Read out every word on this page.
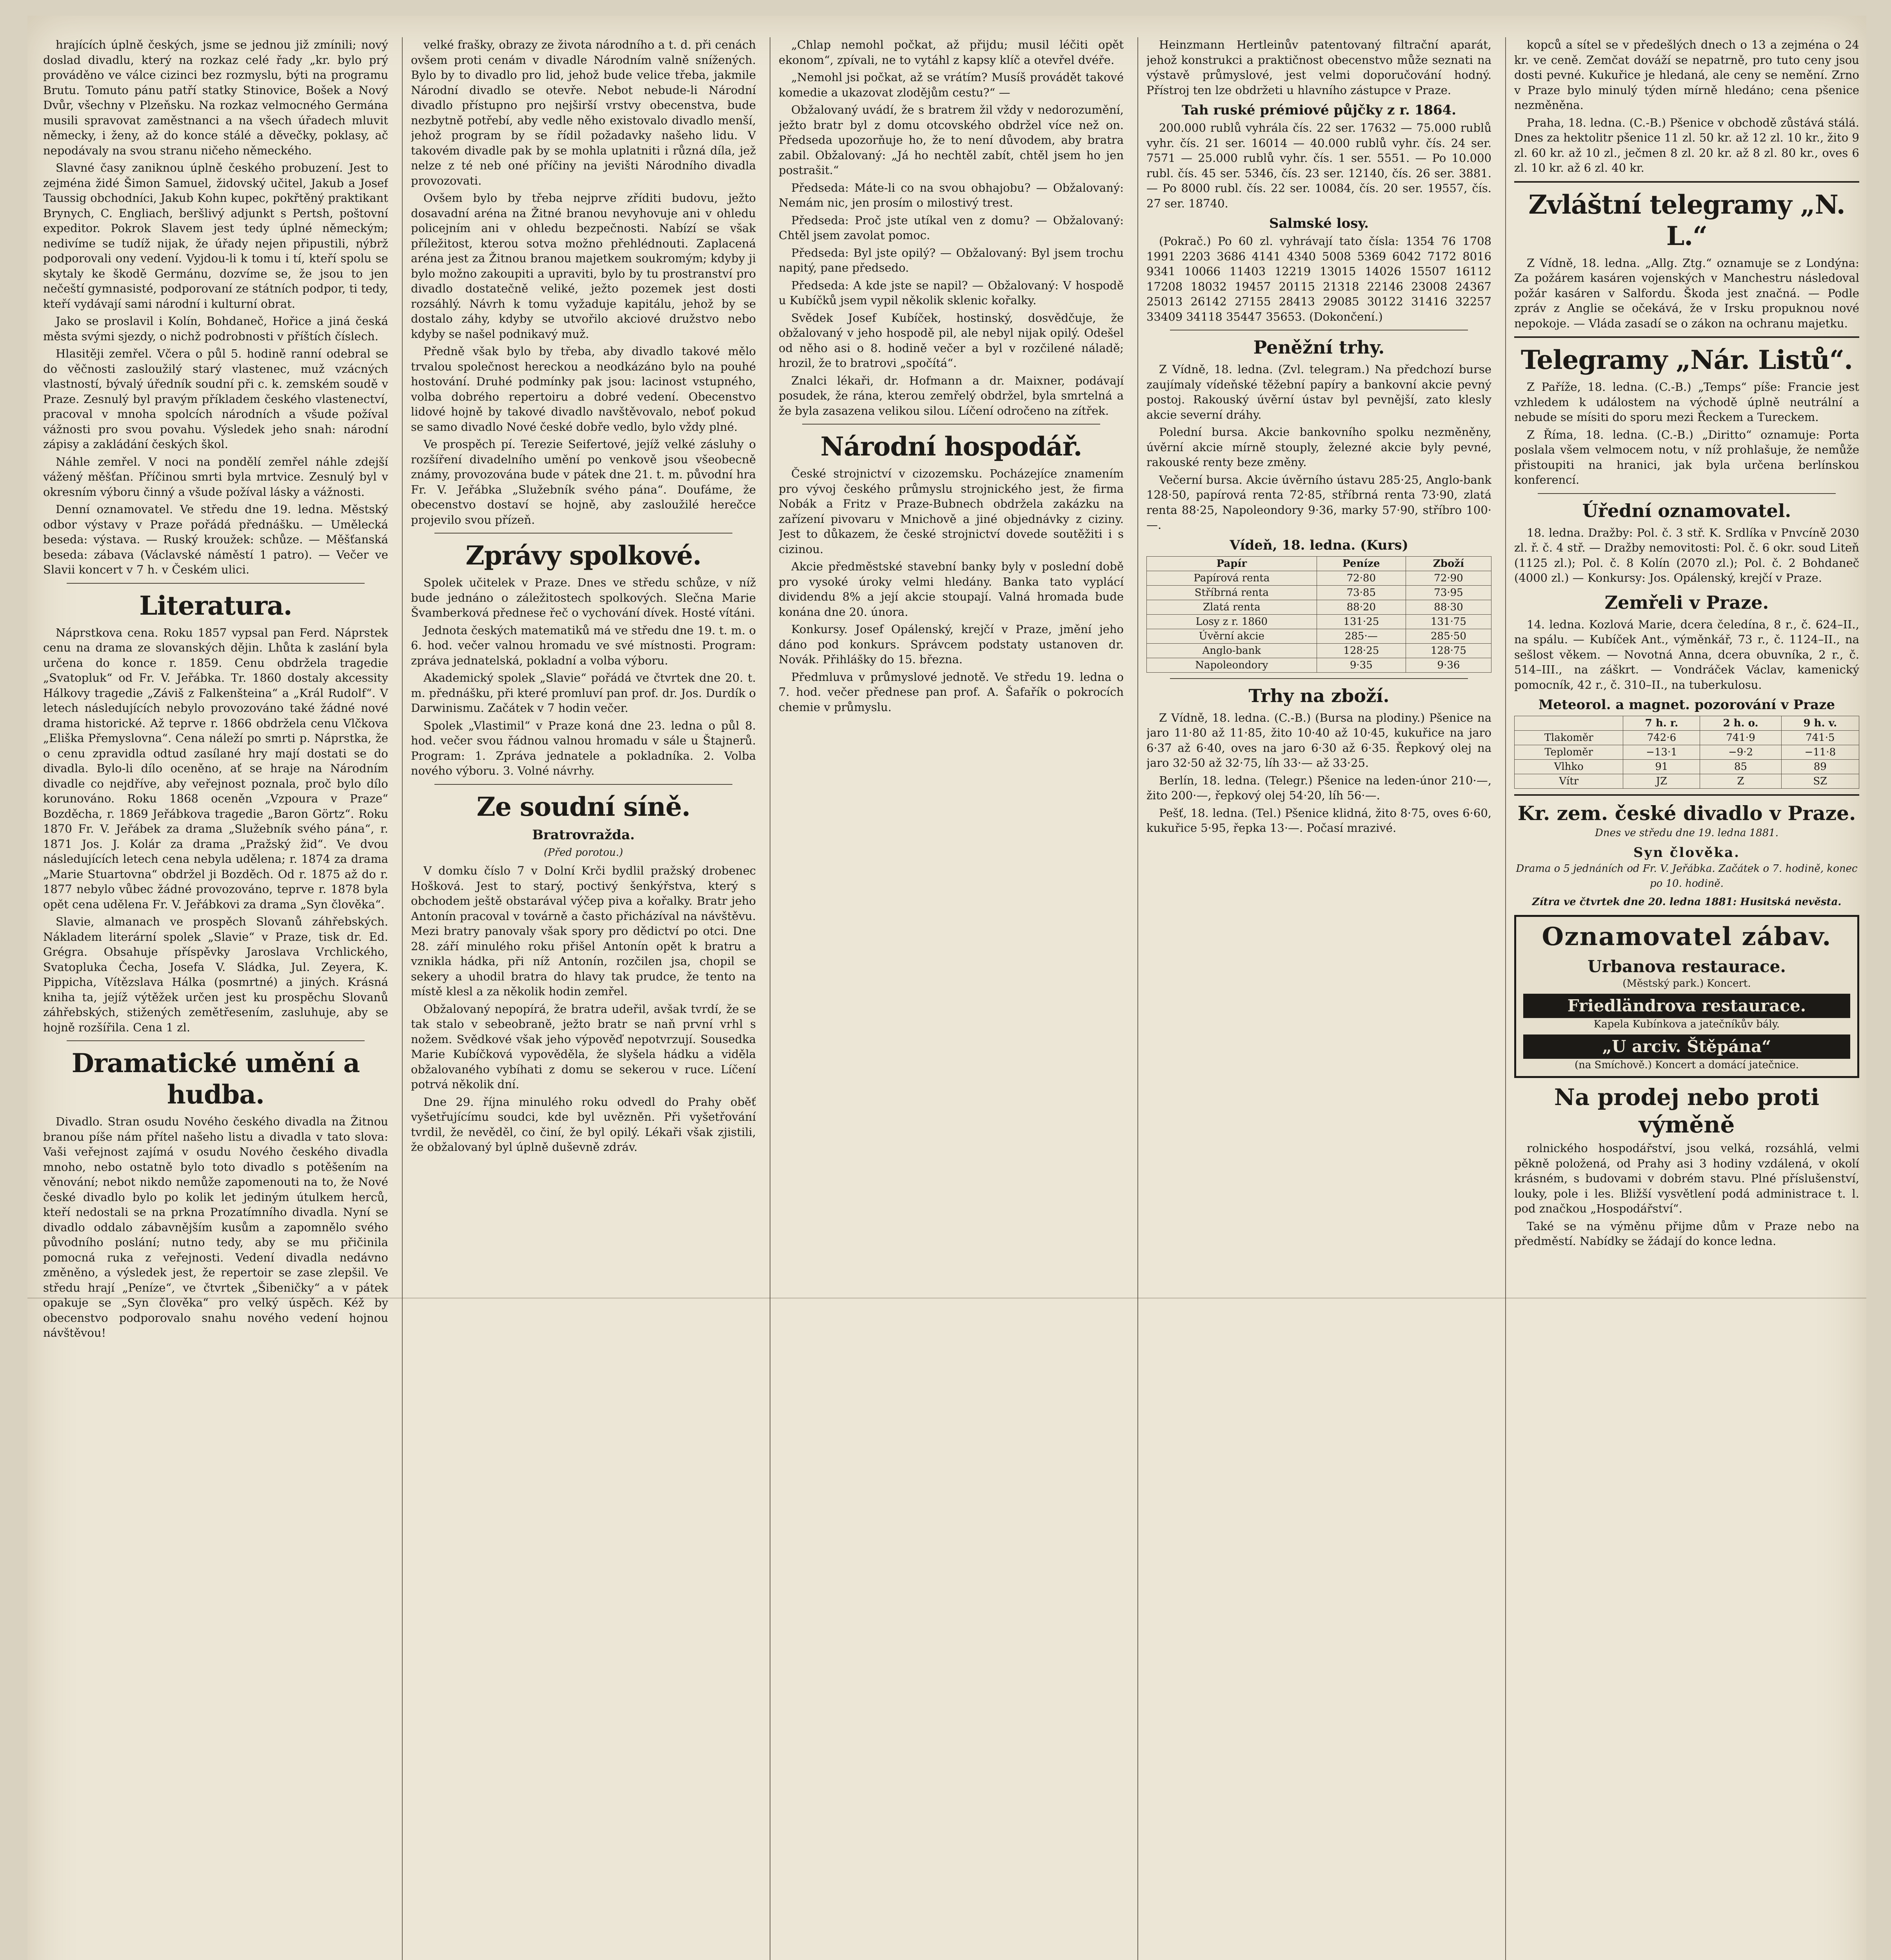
hrajících úplně českých, jsme se jednou již zmínili; nový doslad divadlu, který na rozkaz celé řady „kr. bylo prý prováděno ve válce cizinci bez rozmyslu, býti na programu Brutu. Tomuto pánu patří statky Stinovice, Bošek a Nový Dvůr, všechny v Plzeňsku. Na rozkaz velmocného Germána musili spravovat zaměstnanci a na všech úřadech mluvit německy, i ženy, až do konce stálé a děvečky, poklasy, ač nepodávaly na svou stranu ničeho německého.

Slavné časy zaniknou úplně českého probuzení. Jest to zejména židé Šimon Samuel, židovský učitel, Jakub a Josef Taussig obchodníci, Jakub Kohn kupec, pokřtěný praktikant Brynych, C. Engliach, beršlivý adjunkt s Pertsh, poštovní expeditor. Pokrok Slavem jest tedy úplné německým; nedivíme se tudíž nijak, že úřady nejen připustili, nýbrž podporovali ony vedení. Vyjdou-li k tomu i tí, kteří spolu se skytaly ke škodě Germánu, dozvíme se, že jsou to jen nečeští gymnasisté, podporovaní ze státních podpor, ti tedy, kteří vydávají sami národní i kulturní obrat.

Jako se proslavil i Kolín, Bohdaneč, Hořice a jiná česká města svými sjezdy, o nichž podrobnosti v příštích číslech.

Hlasitěji zemřel. Včera o půl 5. hodině ranní odebral se do věčnosti zasloužilý starý vlastenec, muž vzácných vlastností, bývalý úředník soudní při c. k. zemském soudě v Praze. Zesnulý byl pravým příkladem českého vlastenectví, pracoval v mnoha spolcích národních a všude požíval vážnosti pro svou povahu. Výsledek jeho snah: národní zápisy a zakládání českých škol.

Náhle zemřel. V noci na pondělí zemřel náhle zdejší vážený měšťan. Příčinou smrti byla mrtvice. Zesnulý byl v okresním výboru činný a všude požíval lásky a vážnosti.

Denní oznamovatel. Ve středu dne 19. ledna. Městský odbor výstavy v Praze pořádá přednášku. — Umělecká beseda: výstava. — Ruský kroužek: schůze. — Měšťanská beseda: zábava (Václavské náměstí 1 patro). — Večer ve Slavii koncert v 7 h. v Českém ulici.

Literatura.

Náprstkova cena. Roku 1857 vypsal pan Ferd. Náprstek cenu na drama ze slovanských dějin. Lhůta k zaslání byla určena do konce r. 1859. Cenu obdržela tragedie „Svatopluk“ od Fr. V. Jeřábka. Tr. 1860 dostaly akcessity Hálkovy tragedie „Záviš z Falkenšteina“ a „Král Rudolf“. V letech následujících nebylo provozováno také žádné nové drama historické. Až teprve r. 1866 obdržela cenu Vlčkova „Eliška Přemyslovna“. Cena náleží po smrti p. Náprstka, že o cenu zpravidla odtud zasílané hry mají dostati se do divadla. Bylo-li dílo oceněno, ať se hraje na Národním divadle co nejdříve, aby veřejnost poznala, proč bylo dílo korunováno. Roku 1868 oceněn „Vzpoura v Praze“ Bozděcha, r. 1869 Jeřábkova tragedie „Baron Görtz“. Roku 1870 Fr. V. Jeřábek za drama „Služebník svého pána“, r. 1871 Jos. J. Kolár za drama „Pražský žid“. Ve dvou následujících letech cena nebyla udělena; r. 1874 za drama „Marie Stuartovna“ obdržel ji Bozděch. Od r. 1875 až do r. 1877 nebylo vůbec žádné provozováno, teprve r. 1878 byla opět cena udělena Fr. V. Jeřábkovi za drama „Syn člověka“.

Slavie, almanach ve prospěch Slovanů záhřebských. Nákladem literární spolek „Slavie“ v Praze, tisk dr. Ed. Grégra. Obsahuje příspěvky Jaroslava Vrchlického, Svatopluka Čecha, Josefa V. Sládka, Jul. Zeyera, K. Pippicha, Vítězslava Hálka (posmrtné) a jiných. Krásná kniha ta, jejíž výtěžek určen jest ku prospěchu Slovanů záhřebských, stižených zemětřesením, zasluhuje, aby se hojně rozšířila. Cena 1 zl.

Dramatické umění a hudba.

Divadlo. Stran osudu Nového českého divadla na Žitnou branou píše nám přítel našeho listu a divadla v tato slova: Vaši veřejnost zajímá v osudu Nového českého divadla mnoho, nebo ostatně bylo toto divadlo s potěšením na věnování; nebot nikdo nemůže zapomenouti na to, že Nové české divadlo bylo po kolik let jediným útulkem herců, kteří nedostali se na prkna Prozatímního divadla. Nyní se divadlo oddalo zábavnějším kusům a zapomnělo svého původního poslání; nutno tedy, aby se mu přičinila pomocná ruka z veřejnosti. Vedení divadla nedávno změněno, a výsledek jest, že repertoir se zase zlepšil. Ve středu hrají „Peníze“, ve čtvrtek „Šibeničky“ a v pátek opakuje se „Syn člověka“ pro velký úspěch. Kéž by obecenstvo podporovalo snahu nového vedení hojnou návštěvou!

velké frašky, obrazy ze života národního a t. d. při cenách ovšem proti cenám v divadle Národním valně snížených. Bylo by to divadlo pro lid, jehož bude velice třeba, jakmile Národní divadlo se otevře. Nebot nebude-li Národní divadlo přístupno pro nejširší vrstvy obecenstva, bude nezbytně potřebí, aby vedle něho existovalo divadlo menší, jehož program by se řídil požadavky našeho lidu. V takovém divadle pak by se mohla uplatniti i různá díla, jež nelze z té neb oné příčiny na jevišti Národního divadla provozovati.

Ovšem bylo by třeba nejprve zříditi budovu, ježto dosavadní aréna na Žitné branou nevyhovuje ani v ohledu policejním ani v ohledu bezpečnosti. Nabízí se však příležitost, kterou sotva možno přehlédnouti. Zaplacená aréna jest za Žitnou branou majetkem soukromým; kdyby ji bylo možno zakoupiti a upraviti, bylo by tu prostranství pro divadlo dostatečně veliké, ježto pozemek jest dosti rozsáhlý. Návrh k tomu vyžaduje kapitálu, jehož by se dostalo záhy, kdyby se utvořilo akciové družstvo nebo kdyby se našel podnikavý muž.

Předně však bylo by třeba, aby divadlo takové mělo trvalou společnost hereckou a neodkázáno bylo na pouhé hostování. Druhé podmínky pak jsou: lacinost vstupného, volba dobrého repertoiru a dobré vedení. Obecenstvo lidové hojně by takové divadlo navštěvovalo, neboť pokud se samo divadlo Nové české dobře vedlo, bylo vždy plné.

Ve prospěch pí. Terezie Seifertové, jejíž velké zásluhy o rozšíření divadelního umění po venkově jsou všeobecně známy, provozována bude v pátek dne 21. t. m. původní hra Fr. V. Jeřábka „Služebník svého pána“. Doufáme, že obecenstvo dostaví se hojně, aby zasloužilé herečce projevilo svou přízeň.

Zprávy spolkové.

Spolek učitelek v Praze. Dnes ve středu schůze, v níž bude jednáno o záležitostech spolkových. Slečna Marie Švamberková přednese řeč o vychování dívek. Hosté vítáni.

Jednota českých matematiků má ve středu dne 19. t. m. o 6. hod. večer valnou hromadu ve své místnosti. Program: zpráva jednatelská, pokladní a volba výboru.

Akademický spolek „Slavie“ pořádá ve čtvrtek dne 20. t. m. přednášku, při které promluví pan prof. dr. Jos. Durdík o Darwinismu. Začátek v 7 hodin večer.

Spolek „Vlastimil“ v Praze koná dne 23. ledna o půl 8. hod. večer svou řádnou valnou hromadu v sále u Štajnerů. Program: 1. Zpráva jednatele a pokladníka. 2. Volba nového výboru. 3. Volné návrhy.

Ze soudní síně.
Bratrovražda.

(Před porotou.)

V domku číslo 7 v Dolní Krči bydlil pražský drobenec Hošková. Jest to starý, poctivý šenkýřstva, který s obchodem ještě obstarával výčep piva a kořalky. Bratr jeho Antonín pracoval v továrně a často přicházíval na návštěvu. Mezi bratry panovaly však spory pro dědictví po otci. Dne 28. září minulého roku přišel Antonín opět k bratru a vznikla hádka, při níž Antonín, rozčilen jsa, chopil se sekery a uhodil bratra do hlavy tak prudce, že tento na místě klesl a za několik hodin zemřel.

Obžalovaný nepopírá, že bratra udeřil, avšak tvrdí, že se tak stalo v sebeobraně, ježto bratr se naň první vrhl s nožem. Svědkové však jeho výpověď nepotvrzují. Sousedka Marie Kubíčková vypověděla, že slyšela hádku a viděla obžalovaného vybíhati z domu se sekerou v ruce. Líčení potrvá několik dní.

Dne 29. října minulého roku odvedl do Prahy oběť vyšetřujícímu soudci, kde byl uvězněn. Při vyšetřování tvrdil, že nevěděl, co činí, že byl opilý. Lékaři však zjistili, že obžalovaný byl úplně duševně zdráv.

„Chlap nemohl počkat, až přijdu; musil léčiti opět ekonom“, zpívali, ne to vytáhl z kapsy klíč a otevřel dvéře.

„Nemohl jsi počkat, až se vrátím? Musíš provádět takové komedie a ukazovat zlodějům cestu?“ —

Obžalovaný uvádí, že s bratrem žil vždy v nedorozumění, ježto bratr byl z domu otcovského obdržel více než on. Předseda upozorňuje ho, že to není důvodem, aby bratra zabil. Obžalovaný: „Já ho nechtěl zabít, chtěl jsem ho jen postrašit.“

Předseda: Máte-li co na svou obhajobu? — Obžalovaný: Nemám nic, jen prosím o milostivý trest.

Předseda: Proč jste utíkal ven z domu? — Obžalovaný: Chtěl jsem zavolat pomoc.

Předseda: Byl jste opilý? — Obžalovaný: Byl jsem trochu napitý, pane předsedo.

Předseda: A kde jste se napil? — Obžalovaný: V hospodě u Kubíčků jsem vypil několik sklenic kořalky.

Svědek Josef Kubíček, hostinský, dosvědčuje, že obžalovaný v jeho hospodě pil, ale nebyl nijak opilý. Odešel od něho asi o 8. hodině večer a byl v rozčilené náladě; hrozil, že to bratrovi „spočítá“.

Znalci lékaři, dr. Hofmann a dr. Maixner, podávají posudek, že rána, kterou zemřelý obdržel, byla smrtelná a že byla zasazena velikou silou. Líčení odročeno na zítřek.

Národní hospodář.

České strojnictví v cizozemsku. Pocházejíce znamením pro vývoj českého průmyslu strojnického jest, že firma Nobák a Fritz v Praze-Bubnech obdržela zakázku na zařízení pivovaru v Mnichově a jiné objednávky z ciziny. Jest to důkazem, že české strojnictví dovede soutěžiti i s cizinou.

Akcie předměstské stavební banky byly v poslední době pro vysoké úroky velmi hledány. Banka tato vyplácí dividendu 8% a její akcie stoupají. Valná hromada bude konána dne 20. února.

Konkursy. Josef Opálenský, krejčí v Praze, jmění jeho dáno pod konkurs. Správcem podstaty ustanoven dr. Novák. Přihlášky do 15. března.

Předmluva v průmyslové jednotě. Ve středu 19. ledna o 7. hod. večer přednese pan prof. A. Šafařík o pokrocích chemie v průmyslu.

Heinzmann Hertleinův patentovaný filtrační aparát, jehož konstrukci a praktičnost obecenstvo může seznati na výstavě průmyslové, jest velmi doporučování hodný. Přístroj ten lze obdržeti u hlavního zástupce v Praze.

Tah ruské prémiové půjčky z r. 1864.

200.000 rublů vyhrála čís. 22 ser. 17632 — 75.000 rublů vyhr. čís. 21 ser. 16014 — 40.000 rublů vyhr. čís. 24 ser. 7571 — 25.000 rublů vyhr. čís. 1 ser. 5551. — Po 10.000 rubl. čís. 45 ser. 5346, čís. 23 ser. 12140, čís. 26 ser. 3881. — Po 8000 rubl. čís. 22 ser. 10084, čís. 20 ser. 19557, čís. 27 ser. 18740.

Salmské losy.

(Pokrač.) Po 60 zl. vyhrávají tato čísla: 1354 76 1708 1991 2203 3686 4141 4340 5008 5369 6042 7172 8016 9341 10066 11403 12219 13015 14026 15507 16112 17208 18032 19457 20115 21318 22146 23008 24367 25013 26142 27155 28413 29085 30122 31416 32257 33409 34118 35447 35653. (Dokončení.)

Peněžní trhy.

Z Vídně, 18. ledna. (Zvl. telegram.) Na předchozí burse zaujímaly vídeňské těžební papíry a bankovní akcie pevný postoj. Rakouský úvěrní ústav byl pevnější, zato klesly akcie severní dráhy.

Polední bursa. Akcie bankovního spolku nezměněny, úvěrní akcie mírně stouply, železné akcie byly pevné, rakouské renty beze změny.

Večerní bursa. Akcie úvěrního ústavu 285·25, Anglo-bank 128·50, papírová renta 72·85, stříbrná renta 73·90, zlatá renta 88·25, Napoleondory 9·36, marky 57·90, stříbro 100·—.

Vídeň, 18. ledna. (Kurs)
Papír	Peníze	Zboží
Papírová renta	72·80	72·90
Stříbrná renta	73·85	73·95
Zlatá renta	88·20	88·30
Losy z r. 1860	131·25	131·75
Úvěrní akcie	285·—	285·50
Anglo-bank	128·25	128·75
Napoleondory	9·35	9·36
Trhy na zboží.

Z Vídně, 18. ledna. (C.-B.) (Bursa na plodiny.) Pšenice na jaro 11·80 až 11·85, žito 10·40 až 10·45, kukuřice na jaro 6·37 až 6·40, oves na jaro 6·30 až 6·35. Řepkový olej na jaro 32·50 až 32·75, líh 33·— až 33·25.

Berlín, 18. ledna. (Telegr.) Pšenice na leden-únor 210·—, žito 200·—, řepkový olej 54·20, líh 56·—.

Pešť, 18. ledna. (Tel.) Pšenice klidná, žito 8·75, oves 6·60, kukuřice 5·95, řepka 13·—. Počasí mrazivé.

kopců a sítel se v předešlých dnech o 13 a zejména o 24 kr. ve ceně. Zemčat dováží se nepatrně, pro tuto ceny jsou dosti pevné. Kukuřice je hledaná, ale ceny se nemění. Zrno v Praze bylo minulý týden mírně hledáno; cena pšenice nezměněna.

Praha, 18. ledna. (C.-B.) Pšenice v obchodě zůstává stálá. Dnes za hektolitr pšenice 11 zl. 50 kr. až 12 zl. 10 kr., žito 9 zl. 60 kr. až 10 zl., ječmen 8 zl. 20 kr. až 8 zl. 80 kr., oves 6 zl. 10 kr. až 6 zl. 40 kr.

Zvláštní telegramy „N. L.“

Z Vídně, 18. ledna. „Allg. Ztg.“ oznamuje se z Londýna: Za požárem kasáren vojenských v Manchestru následoval požár kasáren v Salfordu. Škoda jest značná. — Podle zpráv z Anglie se očekává, že v Irsku propuknou nové nepokoje. — Vláda zasadí se o zákon na ochranu majetku.

Telegramy „Nár. Listů“.

Z Paříže, 18. ledna. (C.-B.) „Temps“ píše: Francie jest vzhledem k událostem na východě úplně neutrální a nebude se mísiti do sporu mezi Řeckem a Tureckem.

Z Říma, 18. ledna. (C.-B.) „Diritto“ oznamuje: Porta poslala všem velmocem notu, v níž prohlašuje, že nemůže přistoupiti na hranici, jak byla určena berlínskou konferencí.

Úřední oznamovatel.

18. ledna. Dražby: Pol. č. 3 stř. K. Srdlíka v Pnvcíně 2030 zl. ř. č. 4 stř. — Dražby nemovitosti: Pol. č. 6 okr. soud Liteň (1125 zl.); Pol. č. 8 Kolín (2070 zl.); Pol. č. 2 Bohdaneč (4000 zl.) — Konkursy: Jos. Opálenský, krejčí v Praze.

Zemřeli v Praze.

14. ledna. Kozlová Marie, dcera čeledína, 8 r., č. 624–II., na spálu. — Kubíček Ant., výměnkář, 73 r., č. 1124–II., na sešlost věkem. — Novotná Anna, dcera obuvníka, 2 r., č. 514–III., na záškrt. — Vondráček Václav, kamenický pomocník, 42 r., č. 310–II., na tuberkulosu.

Meteorol. a magnet. pozorování v Praze
	7 h. r.	2 h. o.	9 h. v.
Tlakoměr	742·6	741·9	741·5
Teploměr	−13·1	−9·2	−11·8
Vlhko	91	85	89
Vítr	JZ	Z	SZ
Kr. zem. české divadlo v Praze.

Dnes ve středu dne 19. ledna 1881.

Syn člověka.

Drama o 5 jednáních od Fr. V. Jeřábka. Začátek o 7. hodině, konec po 10. hodině.

Zítra ve čtvrtek dne 20. ledna 1881: Husitská nevěsta.

Oznamovatel zábav.
Urbanova restaurace.
(Městský park.) Koncert.
Friedländrova restaurace.
Kapela Kubínkova a jatečníkův bály.
„U arciv. Štěpána“
(na Smíchově.) Koncert a domácí jatečnice.
Na prodej nebo proti výměně

rolnického hospodářství, jsou velká, rozsáhlá, velmi pěkně položená, od Prahy asi 3 hodiny vzdálená, v okolí krásném, s budovami v dobrém stavu. Plné příslušenství, louky, pole i les. Bližší vysvětlení podá administrace t. l. pod značkou „Hospodářství“.

Také se na výměnu přijme dům v Praze nebo na předměstí. Nabídky se žádají do konce ledna.
